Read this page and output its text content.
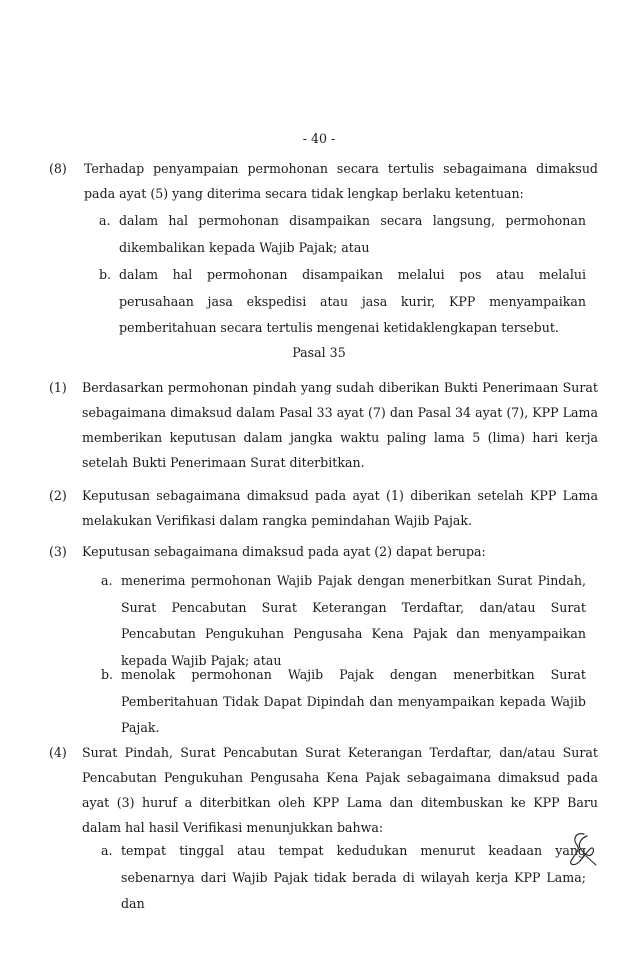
- 40 -
(8) Terhadap penyampaian permohonan secara tertulis sebagaimana dimaksud pada ayat (5) yang diterima secara tidak lengkap berlaku ketentuan:
a. dalam hal permohonan disampaikan secara langsung, permohonan dikembalikan kepada Wajib Pajak; atau
b. dalam hal permohonan disampaikan melalui pos atau melalui perusahaan jasa ekspedisi atau jasa kurir, KPP menyampaikan pemberitahuan secara tertulis mengenai ketidaklengkapan tersebut.
Pasal 35
(1) Berdasarkan permohonan pindah yang sudah diberikan Bukti Penerimaan Surat sebagaimana dimaksud dalam Pasal 33 ayat (7) dan Pasal 34 ayat (7), KPP Lama memberikan keputusan dalam jangka waktu paling lama 5 (lima) hari kerja setelah Bukti Penerimaan Surat diterbitkan.
(2) Keputusan sebagaimana dimaksud pada ayat (1) diberikan setelah KPP Lama melakukan Verifikasi dalam rangka pemindahan Wajib Pajak.
(3) Keputusan sebagaimana dimaksud pada ayat (2) dapat berupa:
a. menerima permohonan Wajib Pajak dengan menerbitkan Surat Pindah, Surat Pencabutan Surat Keterangan Terdaftar, dan/atau Surat Pencabutan Pengukuhan Pengusaha Kena Pajak dan menyampaikan kepada Wajib Pajak; atau
b. menolak permohonan Wajib Pajak dengan menerbitkan Surat Pemberitahuan Tidak Dapat Dipindah dan menyampaikan kepada Wajib Pajak.
(4) Surat Pindah, Surat Pencabutan Surat Keterangan Terdaftar, dan/atau Surat Pencabutan Pengukuhan Pengusaha Kena Pajak sebagaimana dimaksud pada ayat (3) huruf a diterbitkan oleh KPP Lama dan ditembuskan ke KPP Baru dalam hal hasil Verifikasi menunjukkan bahwa:
a. tempat tinggal atau tempat kedudukan menurut keadaan yang sebenarnya dari Wajib Pajak tidak berada di wilayah kerja KPP Lama; dan
